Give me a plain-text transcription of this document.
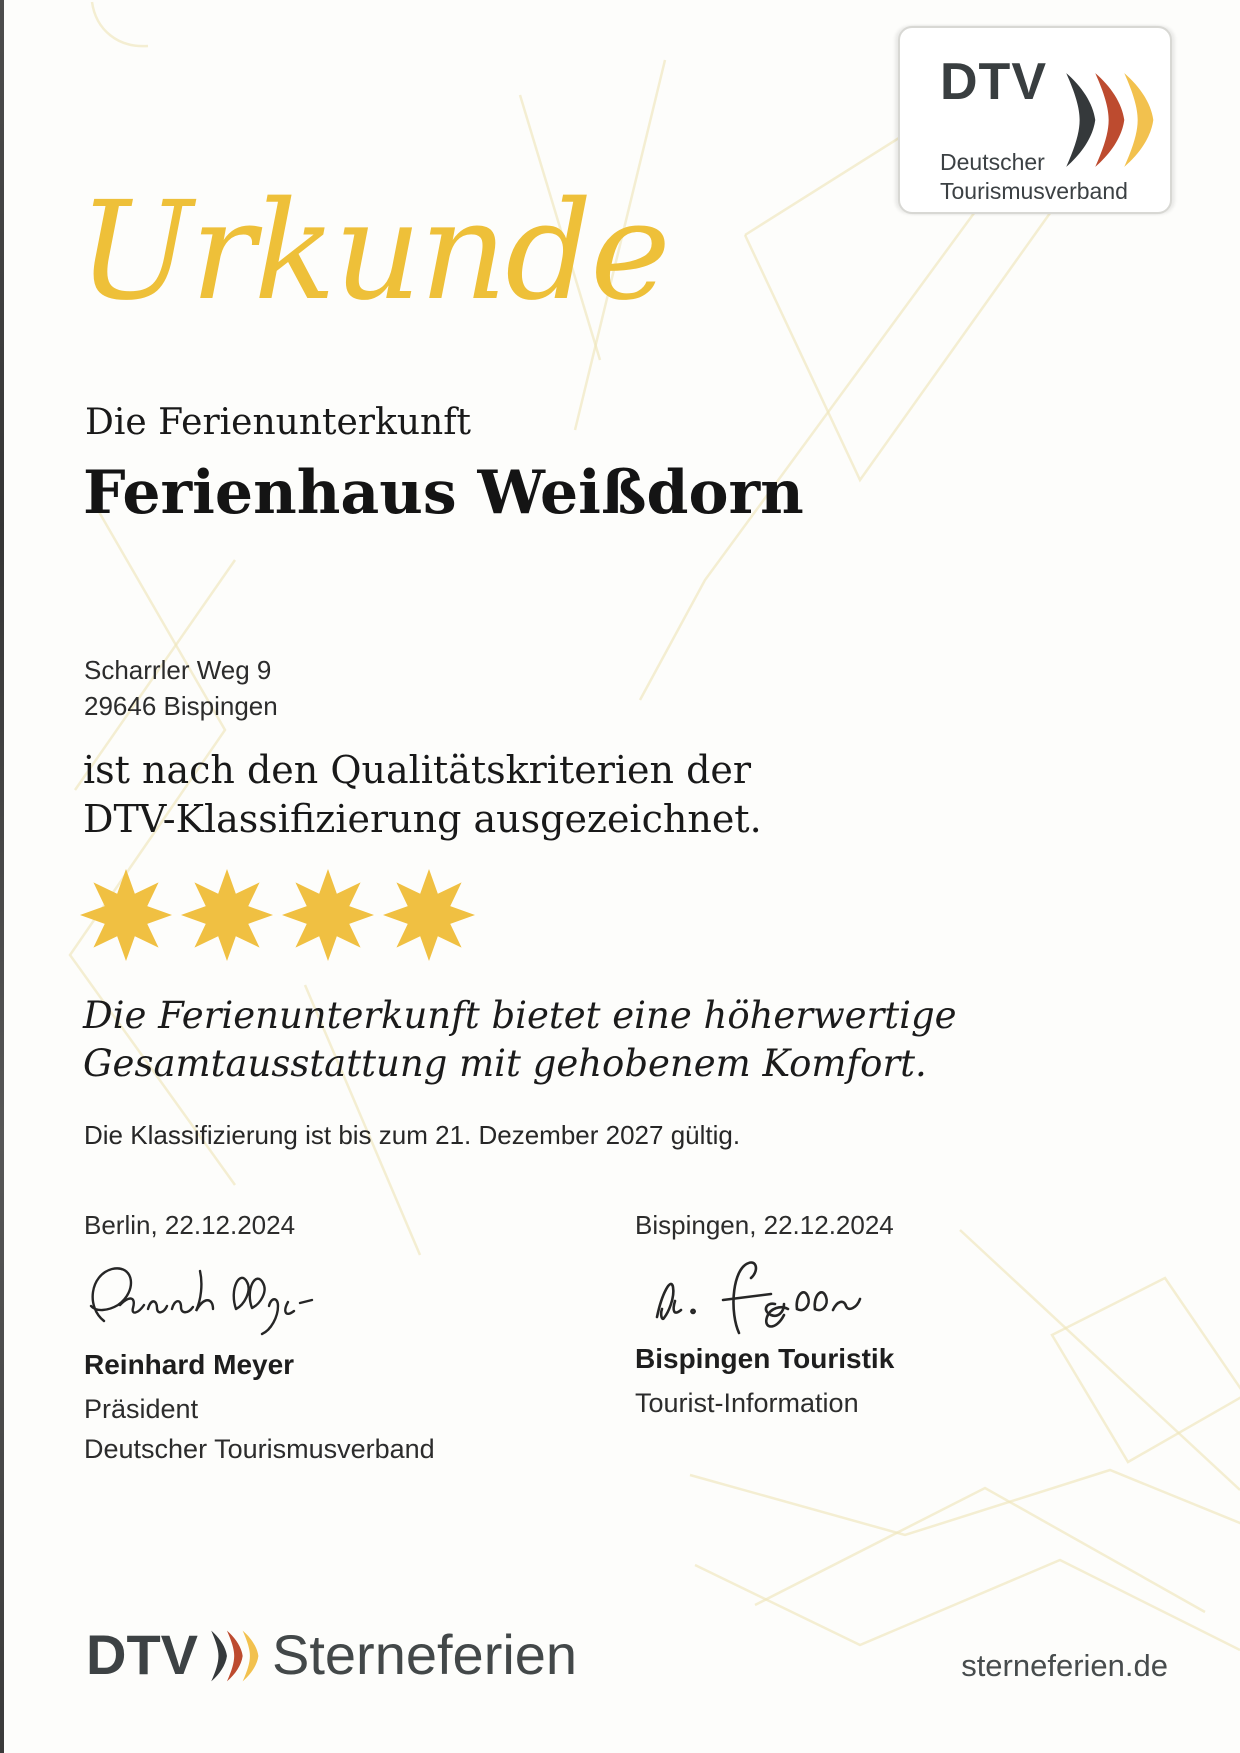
DTV
Deutscher
Tourismusverband
Urkunde
Die Ferienunterkunft
Ferienhaus Weißdorn
Scharrler Weg 9
29646 Bispingen
ist nach den Qualitätskriterien der
DTV-Klassifizierung ausgezeichnet.
Die Ferienunterkunft bietet eine höherwertige
Gesamtausstattung mit gehobenem Komfort.
Die Klassifizierung ist bis zum 21. Dezember 2027 gültig.
Berlin, 22.12.2024
Reinhard Meyer
Präsident
Deutscher Tourismusverband
Bispingen, 22.12.2024
Bispingen Touristik
Tourist-Information
DTV Sterneferien	sterneferien.de
